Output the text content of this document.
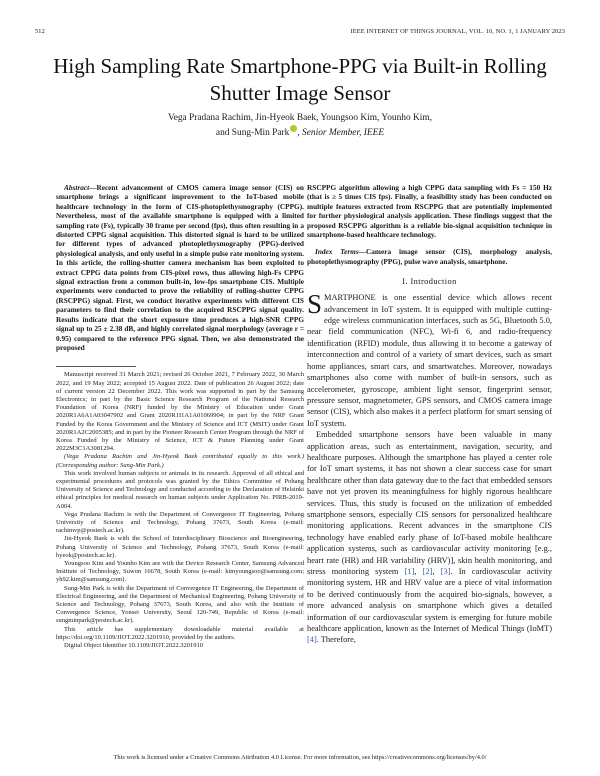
512	IEEE INTERNET OF THINGS JOURNAL, VOL. 10, NO. 1, 1 JANUARY 2023
High Sampling Rate Smartphone-PPG via Built-in Rolling Shutter Image Sensor
Vega Pradana Rachim, Jin-Hyeok Baek, Youngsoo Kim, Younho Kim,
and Sung-Min Park , Senior Member, IEEE

Abstract—Recent advancement of CMOS camera image sensor (CIS) on smartphone brings a significant improvement to the IoT-based mobile healthcare technology in the form of CIS-photoplethysmography (CPPG). Nevertheless, most of the available smartphone is equipped with a limited sampling rate (Fs), typically 30 frame per second (fps), thus often resulting in a distorted CPPG signal acquisition. This distorted signal is hard to be utilized for different types of advanced photoplethysmography (PPG)-derived physiological analysis, and only useful in a simple pulse rate monitoring system. In this article, the rolling-shutter camera mechanism has been exploited to extract CPPG data points from CIS-pixel rows, thus allowing high-Fs CPPG signal extraction from a common built-in, low-fps smartphone CIS. Multiple experiments were conducted to prove the reliability of rolling-shutter CPPG (RSCPPG) signal. First, we conduct iterative experiments with different CIS parameters to find their correlation to the acquired RSCPPG signal quality. Results indicate that the short exposure time produces a high-SNR CPPG signal up to 25 ± 2.38 dB, and highly correlated signal morphology (average r = 0.95) compared to the reference PPG signal. Then, we also demonstrated the proposed

Manuscript received 31 March 2021; revised 26 October 2021, 7 February 2022, 30 March 2022, and 19 May 2022; accepted 15 August 2022. Date of publication 26 August 2022; date of current version 22 December 2022. This work was supported in part by the Samsung Electronics; in part by the Basic Science Research Program of the National Research Foundation of Korea (NRF) funded by the Ministry of Education under Grant 2020R1A6A1A03047902 and Grant 2020R1I1A1A01069904; in part by the NRF Grant Funded by the Korea Government and the Ministry of Science and ICT (MSIT) under Grant 2020R1A2C2005385; and in part by the Pioneer Research Center Program through the NRF of Korea Funded by the Ministry of Science, ICT & Future Planning under Grant 2022M3C1A3081294.

(Vega Pradana Rachim and Jin-Hyeok Baek contributed equally to this work.) (Corresponding author: Sung-Min Park.)

This work involved human subjects or animals in its research. Approval of all ethical and experimental procedures and protocols was granted by the Ethics Committee of Pohang University of Science and Technology and conducted according to the Declaration of Helsinki ethical principles for medical research on human subjects under Application No. PIRB-2019-A004.

Vega Pradana Rachim is with the Department of Convergence IT Engineering, Pohang University of Science and Technology, Pohang 37673, South Korea (e-mail: rachimvp@postech.ac.kr).

Jin-Hyeok Baek is with the School of Interdisciplinary Bioscience and Bioengineering, Pohang University of Science and Technology, Pohang 37673, South Korea (e-mail: hyeok@postech.ac.kr).

Youngsoo Kim and Younho Kim are with the Device Research Center, Samsung Advanced Institute of Technology, Suwon 16678, South Korea (e-mail: kimyoungsoo@samsung.com; yh92.kim@samsung.com).

Sung-Min Park is with the Department of Convergence IT Engineering, the Department of Electrical Engineering, and the Department of Mechanical Engineering, Pohang University of Science and Technology, Pohang 37673, South Korea, and also with the Institute of Convergence Science, Yonsei University, Seoul 120-749, Republic of Korea (e-mail: sungminpark@postech.ac.kr).

This article has supplementary downloadable material available at https://doi.org/10.1109/JIOT.2022.3201910, provided by the authors.

Digital Object Identifier 10.1109/JIOT.2022.3201910

RSCPPG algorithm allowing a high CPPG data sampling with Fs = 150 Hz (that is ≥ 5 times CIS fps). Finally, a feasibility study has been conducted on multiple features extracted from RSCPPG that are potentially implemented for further physiological analysis application. These findings suggest that the proposed RSCPPG algorithm is a reliable bio-signal acquisition technique in smartphone-based healthcare technology.

Index Terms—Camera image sensor (CIS), morphology analysis, photoplethysmography (PPG), pulse wave analysis, smartphone.

I. Introduction

SMARTPHONE is one essential device which allows recent advancement in IoT system. It is equipped with multiple cutting-edge wireless communication interfaces, such as 5G, Bluetooth 5.0, near field communication (NFC), Wi-fi 6, and radio-frequency identification (RFID) module, thus allowing it to become a gateway of interconnection and control of a variety of smart devices, such as smart home appliances, smart cars, and smartwatches. Moreover, nowadays smartphones also come with number of built-in sensors, such as accelerometer, gyroscope, ambient light sensor, fingerprint sensor, pressure sensor, magnetometer, GPS sensors, and CMOS camera image sensor (CIS), which also makes it a perfect platform for smart sensing of IoT system.

Embedded smartphone sensors have been valuable in many application areas, such as entertainment, navigation, security, and healthcare purposes. Although the smartphone has played a center role for IoT smart systems, it has not shown a clear success case for smart healthcare other than data gateway due to the fact that embedded sensors have not yet proven its meaningfulness for highly rigorous healthcare services. Thus, this study is focused on the utilization of embedded smartphone sensors, especially CIS sensors for personalized healthcare monitoring applications. Recent advances in the smartphone CIS technology have enabled early phase of IoT-based mobile healthcare application systems, such as cardiovascular activity monitoring [e.g., heart rate (HR) and HR variability (HRV)], skin health monitoring, and stress monitoring system [1], [2], [3]. In cardiovascular activity monitoring system, HR and HRV value are a piece of vital information to be derived continuously from the acquired bio-signals, however, a more advanced analysis on smartphone which gives a detailed information of our cardiovascular system is emerging for future mobile healthcare application, known as the Internet of Medical Things (IoMT) [4]. Therefore,

This work is licensed under a Creative Commons Attribution 4.0 License. For more information, see https://creativecommons.org/licenses/by/4.0/
